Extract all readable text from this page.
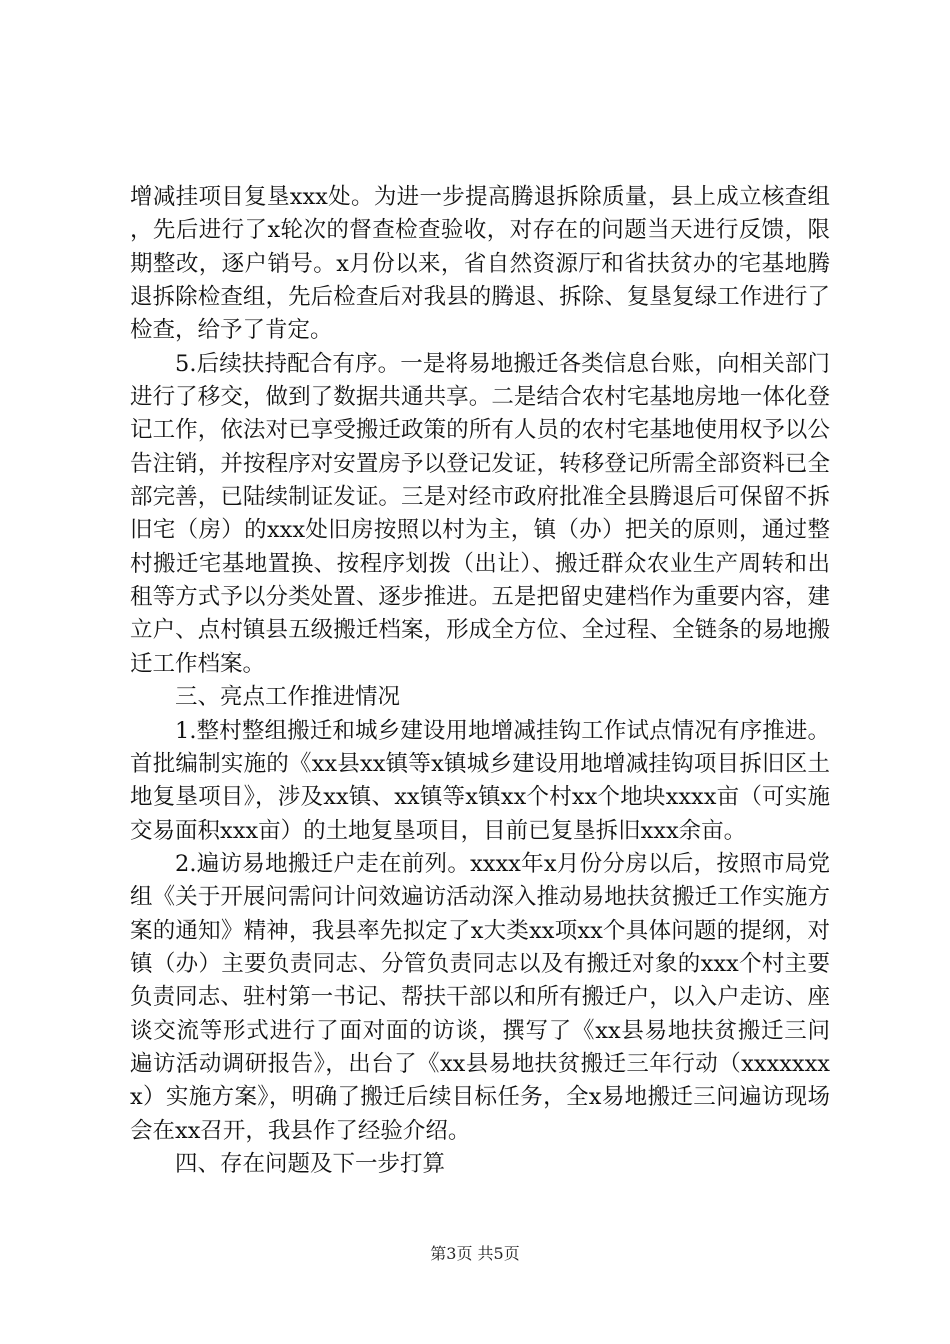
增减挂项目复垦xxx处。为进一步提高腾退拆除质量，县上成立核查组，先后进行了x轮次的督查检查验收，对存在的问题当天进行反馈，限期整改，逐户销号。x月份以来，省自然资源厅和省扶贫办的宅基地腾退拆除检查组，先后检查后对我县的腾退、拆除、复垦复绿工作进行了检查，给予了肯定。

5.后续扶持配合有序。一是将易地搬迁各类信息台账，向相关部门进行了移交，做到了数据共通共享。二是结合农村宅基地房地一体化登记工作，依法对已享受搬迁政策的所有人员的农村宅基地使用权予以公告注销，并按程序对安置房予以登记发证，转移登记所需全部资料已全部完善，已陆续制证发证。三是对经市政府批准全县腾退后可保留不拆旧宅（房）的xxx处旧房按照以村为主，镇（办）把关的原则，通过整村搬迁宅基地置换、按程序划拨（出让）、搬迁群众农业生产周转和出租等方式予以分类处置、逐步推进。五是把留史建档作为重要内容，建立户、点村镇县五级搬迁档案，形成全方位、全过程、全链条的易地搬迁工作档案。

三、亮点工作推进情况

1.整村整组搬迁和城乡建设用地增减挂钩工作试点情况有序推进。首批编制实施的《xx县xx镇等x镇城乡建设用地增减挂钩项目拆旧区土地复垦项目》，涉及xx镇、xx镇等x镇xx个村xx个地块xxxx亩（可实施交易面积xxx亩）的土地复垦项目，目前已复垦拆旧xxx余亩。

2.遍访易地搬迁户走在前列。xxxx年x月份分房以后，按照市局党组《关于开展问需问计问效遍访活动深入推动易地扶贫搬迁工作实施方案的通知》精神，我县率先拟定了x大类xx项xx个具体问题的提纲，对镇（办）主要负责同志、分管负责同志以及有搬迁对象的xxx个村主要负责同志、驻村第一书记、帮扶干部以和所有搬迁户，以入户走访、座谈交流等形式进行了面对面的访谈，撰写了《xx县易地扶贫搬迁三问遍访活动调研报告》，出台了《xx县易地扶贫搬迁三年行动（xxxxxxxx）实施方案》，明确了搬迁后续目标任务，全x易地搬迁三问遍访现场会在xx召开，我县作了经验介绍。

四、存在问题及下一步打算

第3页 共5页
